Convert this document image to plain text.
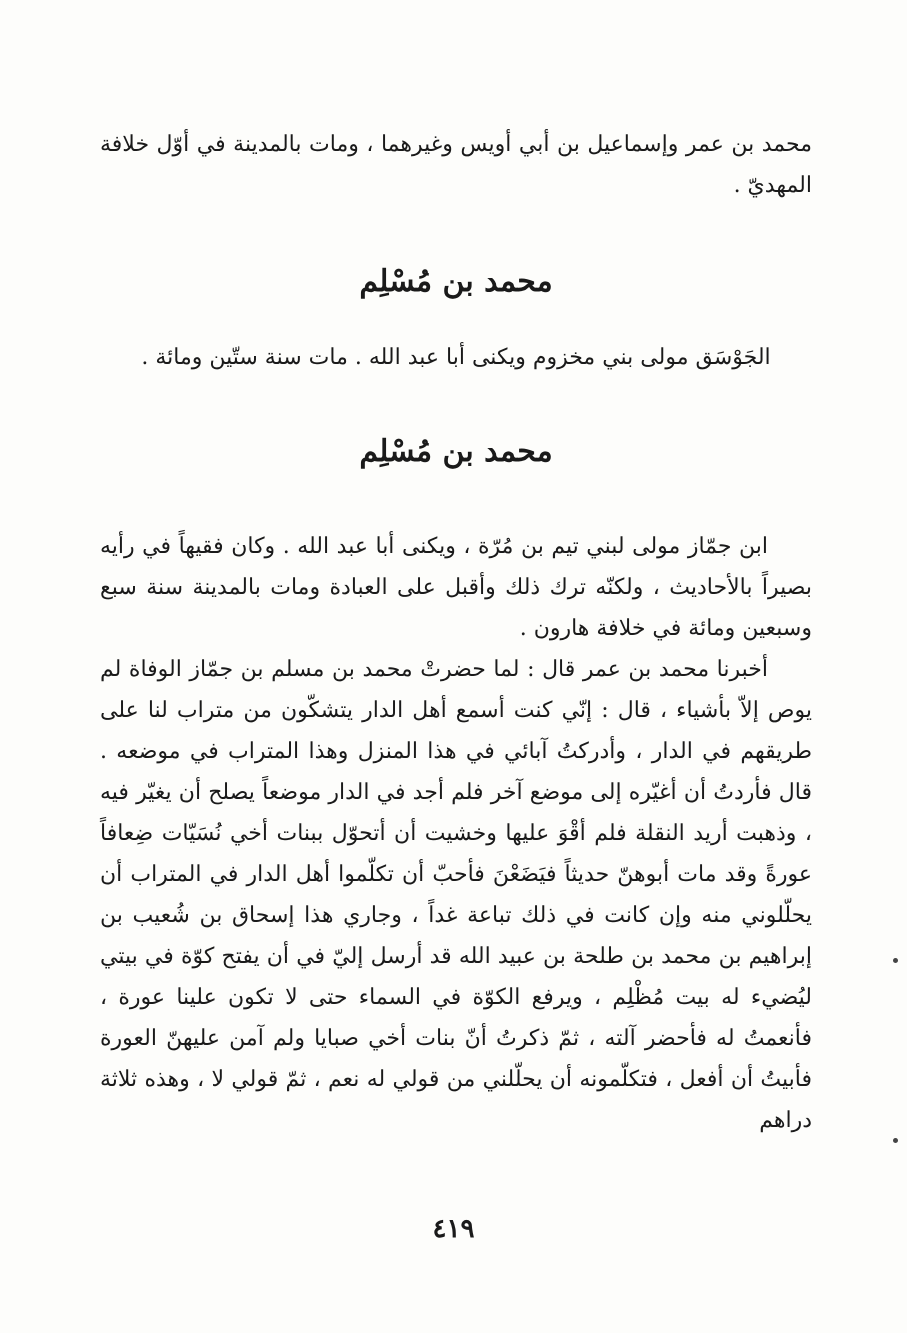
محمد بن عمر وإسماعيل بن أبي أويس وغيرهما ، ومات بالمدينة في أوّل خلافة المهديّ .

محمد بن مُسْلِم
الجَوْسَق مولى بني مخزوم ويكنى أبا عبد الله . مات سنة ستّين ومائة .
محمد بن مُسْلِم

ابن جمّاز مولى لبني تيم بن مُرّة ، ويكنى أبا عبد الله . وكان فقيهاً في رأيه بصيراً بالأحاديث ، ولكنّه ترك ذلك وأقبل على العبادة ومات بالمدينة سنة سبع وسبعين ومائة في خلافة هارون .

أخبرنا محمد بن عمر قال : لما حضرتْ محمد بن مسلم بن جمّاز الوفاة لم يوص إلاّ بأشياء ، قال : إنّي كنت أسمع أهل الدار يتشكّون من متراب لنا على طريقهم في الدار ، وأدركتُ آبائي في هذا المنزل وهذا المتراب في موضعه . قال فأردتُ أن أغيّره إلى موضع آخر فلم أجد في الدار موضعاً يصلح أن يغيّر فيه ، وذهبت أريد النقلة فلم أقْوَ عليها وخشيت أن أتحوّل ببنات أخي نُسَيّات ضِعافاً عورةً وقد مات أبوهنّ حديثاً فيَضَعْنَ فأحبّ أن تكلّموا أهل الدار في المتراب أن يحلّلوني منه وإن كانت في ذلك تباعة غداً ، وجاري هذا إسحاق بن شُعيب بن إبراهيم بن محمد بن طلحة بن عبيد الله قد أرسل إليّ في أن يفتح كوّة في بيتي ليُضيء له بيت مُظْلِم ، ويرفع الكوّة في السماء حتى لا تكون علينا عورة ، فأنعمتُ له فأحضر آلته ، ثمّ ذكرتُ أنّ بنات أخي صبايا ولم آمن عليهنّ العورة فأبيتُ أن أفعل ، فتكلّمونه أن يحلّلني من قولي له نعم ، ثمّ قولي لا ، وهذه ثلاثة دراهم

٤١٩
